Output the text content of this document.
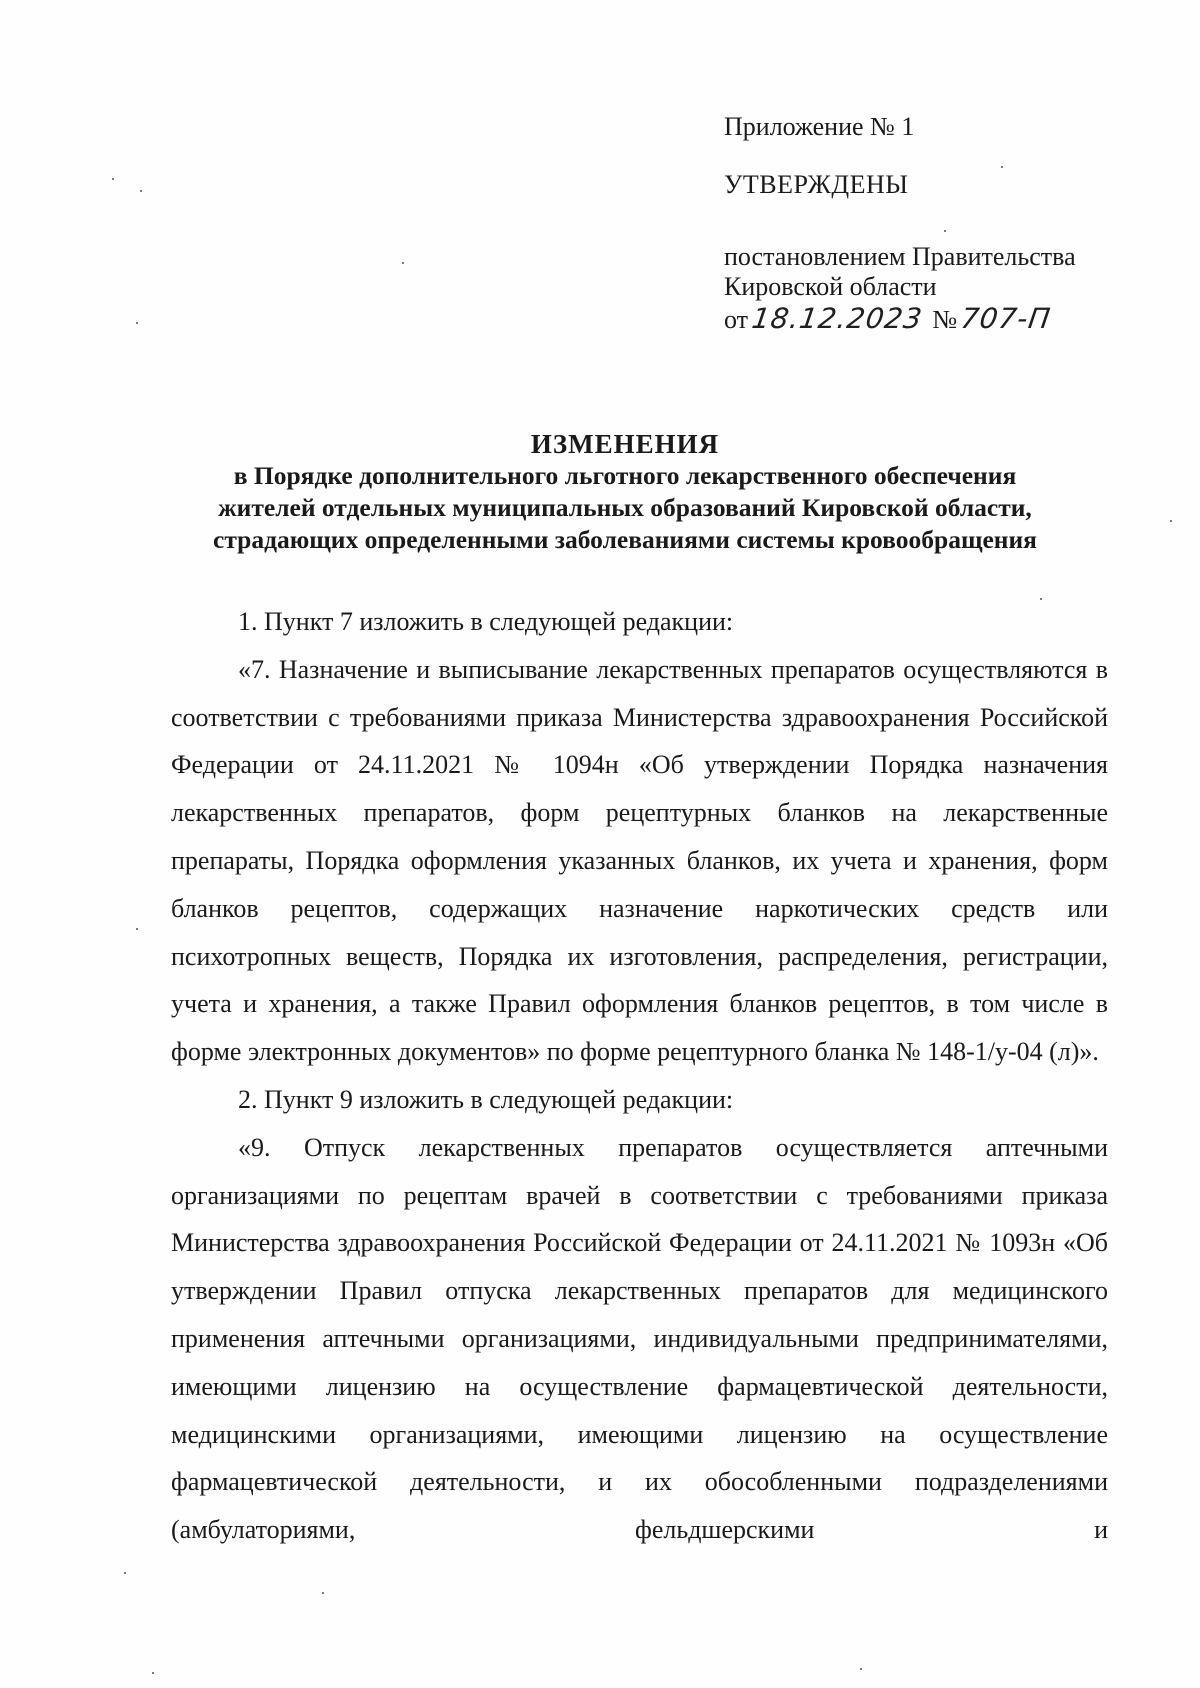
Приложение № 1
УТВЕРЖДЕНЫ
постановлением Правительства
Кировской области
от 18.12.2023 № 707-П
ИЗМЕНЕНИЯ
в Порядке дополнительного льготного лекарственного обеспечения
жителей отдельных муниципальных образований Кировской области,
страдающих определенными заболеваниями системы кровообращения

1. Пункт 7 изложить в следующей редакции:

«7. Назначение и выписывание лекарственных препаратов осуществляются в соответствии с требованиями приказа Министерства здравоохранения Российской Федерации от 24.11.2021 № 1094н «Об утверждении Порядка назначения лекарственных препаратов, форм рецептурных бланков на лекарственные препараты, Порядка оформления указанных бланков, их учета и хранения, форм бланков рецептов, содержащих назначение наркотических средств или психотропных веществ, Порядка их изготовления, распределения, регистрации, учета и хранения, а также Правил оформления бланков рецептов, в том числе в форме электронных документов» по форме рецептурного бланка № 148-1/у-04 (л)».

2. Пункт 9 изложить в следующей редакции:

«9. Отпуск лекарственных препаратов осуществляется аптечными организациями по рецептам врачей в соответствии с требованиями приказа Министерства здравоохранения Российской Федерации от 24.11.2021 № 1093н «Об утверждении Правил отпуска лекарственных препаратов для медицинского применения аптечными организациями, индивидуальными предпринимателями, имеющими лицензию на осуществление фармацевтической деятельности, медицинскими организациями, имеющими лицензию на осуществление фармацевтической деятельности, и их обособленными подразделениями (амбулаториями, фельдшерскими и
